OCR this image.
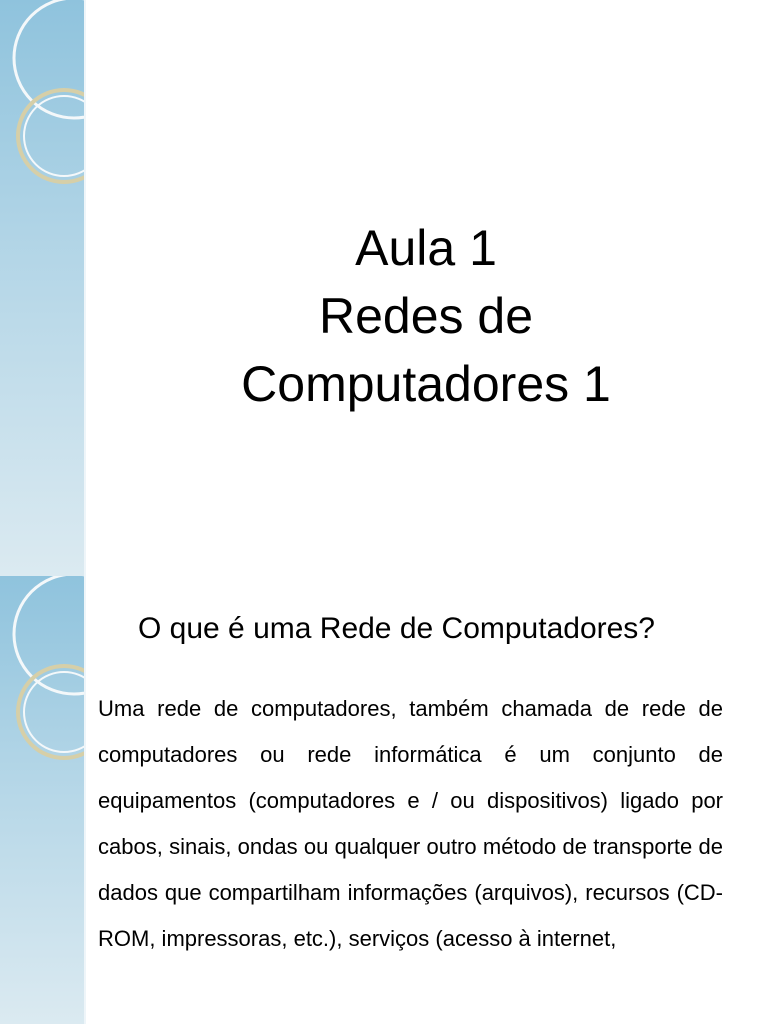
Aula 1
Redes de
Computadores 1
O que é uma Rede de Computadores?

Uma rede de computadores, também chamada de rede de computadores ou rede informática é um conjunto de equipamentos (computadores e / ou dispositivos) ligado por cabos, sinais, ondas ou qualquer outro método de transporte de dados que compartilham informações (arquivos), recursos (CD-ROM, impressoras, etc.), serviços (acesso à internet,
